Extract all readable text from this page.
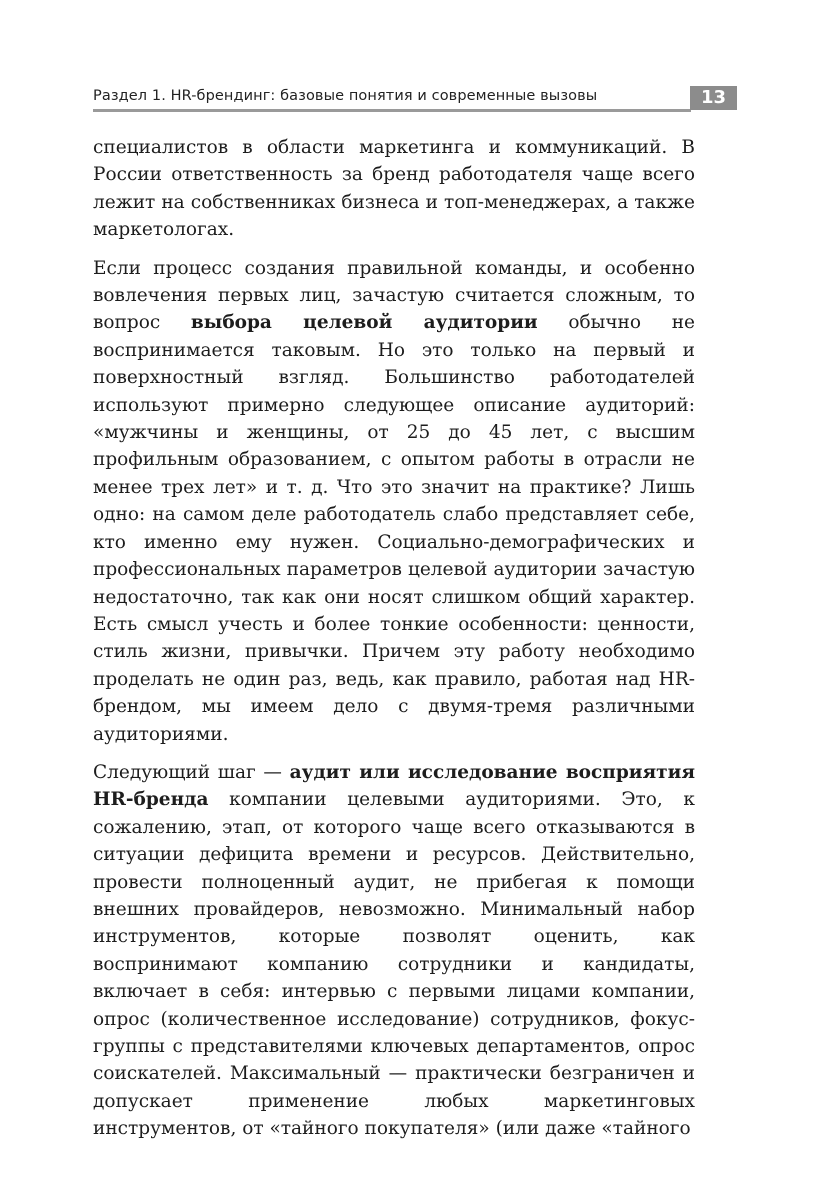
Раздел 1. HR-брендинг: базовые понятия и современные вызовы	13

специалистов в области маркетинга и коммуникаций. В России ответственность за бренд работодателя чаще всего лежит на собственниках бизнеса и топ-менеджерах, а также маркетологах.

Если процесс создания правильной команды, и особенно вовлечения первых лиц, зачастую считается сложным, то вопрос выбора целевой аудитории обычно не воспринимается таковым. Но это только на первый и поверхностный взгляд. Большинство работодателей используют примерно следующее описание аудиторий: «мужчины и женщины, от 25 до 45 лет, с высшим профильным образованием, с опытом работы в отрасли не менее трех лет» и т. д. Что это значит на практике? Лишь одно: на самом деле работодатель слабо представляет себе, кто именно ему нужен. Социально-демографических и профессиональных параметров целевой аудитории зачастую недостаточно, так как они носят слишком общий характер. Есть смысл учесть и более тонкие особенности: ценности, стиль жизни, привычки. Причем эту работу необходимо проделать не один раз, ведь, как правило, работая над HR-брендом, мы имеем дело с двумя-тремя различными аудиториями.

Следующий шаг — аудит или исследование восприятия HR-бренда компании целевыми аудиториями. Это, к сожалению, этап, от которого чаще всего отказываются в ситуации дефицита времени и ресурсов. Действительно, провести полноценный аудит, не прибегая к помощи внешних провайдеров, невозможно. Минимальный набор инструментов, которые позволят оценить, как воспринимают компанию сотрудники и кандидаты, включает в себя: интервью с первыми лицами компании, опрос (количественное исследование) сотрудников, фокус-группы с представителями ключевых департаментов, опрос соискателей. Максимальный — практически безграничен и допускает применение любых маркетинговых инструментов, от «тайного покупателя» (или даже «тайного
